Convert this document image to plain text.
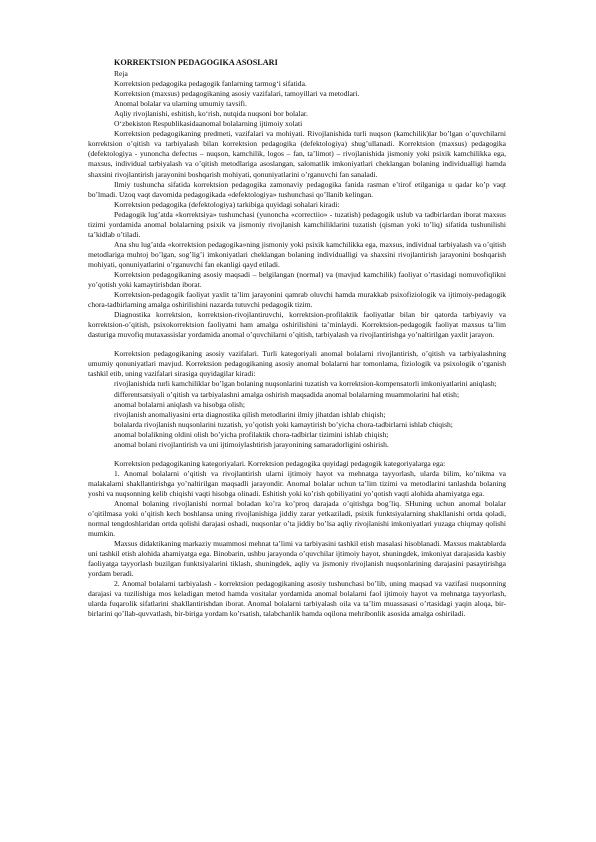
KORREKTSION PEDAGOGIKA ASOSLARI
Reja
Korrektsion pedagogika pedagogik fanlarning tarmog‘i sifatida.
Korrektsion (maxsus) pedagogikaning asosiy vazifalari, tamoyillari va metodlari.
Anomal bolalar va ularning umumiy tavsifi.
Aqliy rivojlanishi, eshitish, ko‘rish, nutqida nuqsoni bor bolalar.
O‘zbekiston Respublikasidaanomal bolalarning ijtimoiy xolati

Korrektsion pedagogikaning predmeti, vazifalari va mohiyati. Rivojlanishida turli nuqson (kamchilik)lar bo’lgan o’quvchilarni korrektsion o’qitish va tarbiyalash bilan korrektsion pedagogika (defektologiya) shug’ullanadi. Korrektsion (maxsus) pedagogika (defektologiya - yunoncha defectus – nuqson, kamchilik, logos – fan, ta’limot) – rivojlanishida jismoniy yoki psixik kamchilikka ega, maxsus, individual tarbiyalash va o’qitish metodlariga asoslangan, salomatlik imkoniyatlari cheklangan bolaning individualligi hamda shaxsini rivojlantirish jarayonini boshqarish mohiyati, qonuniyatlarini o’rganuvchi fan sanaladi.

Ilmiy tushuncha sifatida korrektsion pedagogika zamonaviy pedagogika fanida rasman e’tirof etilganiga u qadar ko’p vaqt bo’lmadi. Uzoq vaqt davomida pedagogikada «defektologiya» tushunchasi qo’llanib kelingan.

Korrektsion pedagogika (defektologiya) tarkibiga quyidagi sohalari kiradi:

Pedagogik lug’atda «korrektsiya» tushunchasi (yunoncha «correctiio» - tuzatish) pedagogik uslub va tadbirlardan iborat maxsus tizimi yordamida anomal bolalarning psixik va jismoniy rivojlanish kamchiliklarini tuzatish (qisman yoki to’liq) sifatida tushunilishi ta’kidlab o’tiladi.

Ana shu lug’atda «korrektsion pedagogika»ning jismoniy yoki psixik kamchilikka ega, maxsus, individual tarbiyalash va o’qitish metodlariga muhtoj bo’lgan, sog’lig’i imkoniyatlari cheklangan bolaning individualligi va shaxsini rivojlantirish jarayonini boshqarish mohiyati, qonuniyatlarini o’rganuvchi fan ekanligi qayd etiladi.

Korrektsion pedagogikaning asosiy maqsadi – belgilangan (normal) va (mavjud kamchilik) faoliyat o’rtasidagi nomuvofiqlikni yo’qotish yoki kamaytirishdan iborat.

Korrektsion-pedagogik faoliyat yaxlit ta’lim jarayonini qamrab oluvchi hamda murakkab psixofiziologik va ijtimoiy-pedagogik chora-tadbirlarning amalga oshirilishini nazarda tutuvchi pedagogik tizim.

Diagnostika korrektsion, korrektsion-rivojlantiruvchi, korrektsion-profilaktik faoliyatlar bilan bir qatorda tarbiyaviy va korrektsion-o’qitish, psixokorrektsion faoliyatni ham amalga oshirilishini ta’minlaydi. Korrektsion-pedagogik faoliyat maxsus ta’lim dasturiga muvofiq mutaxassislar yordamida anomal o’quvchilarni o’qitish, tarbiyalash va rivojlantirishga yo’naltirilgan yaxlit jarayon.

Korrektsion pedagogikaning asosiy vazifalari. Turli kategoriyali anomal bolalarni rivojlantirish, o’qitish va tarbiyalashning umumiy qonuniyatlari mavjud. Korrektsion pedagogikaning asosiy anomal bolalarni har tomonlama, fiziologik va psixologik o’rganish tashkil etib, uning vazifalari sirasiga quyidagilar kiradi:

rivojlanishida turli kamchiliklar bo’lgan bolaning nuqsonlarini tuzatish va korrektsion-kompensatorli imkoniyatlarini aniqlash;

differentsatsiyali o’qitish va tarbiyalashni amalga oshirish maqsadida anomal bolalarning muammolarini hal etish;

anomal bolalarni aniqlash va hisobga olish;

rivojlanish anomaliyasini erta diagnostika qilish metodlarini ilmiy jihatdan ishlab chiqish;

bolalarda rivojlanish nuqsonlarini tuzatish, yo’qotish yoki kamaytirish bo’yicha chora-tadbirlarni ishlab chiqish;

anomal bolalikning oldini olish bo’yicha profilaktik chora-tadbirlar tizimini ishlab chiqish;

anomal bolani rivojlantirish va uni ijtimoiylashtirish jarayonining samaradorligini oshirish.

Korrektsion pedagogikaning kategoriyalari. Korrektsion pedagogika quyidagi pedagogik kategoriyalarga ega:

1. Anomal bolalarni o’qitish va rivojlantirish ularni ijtimoiy hayot va mehnatga tayyorlash, ularda bilim, ko’nikma va malakalarni shakllantirishga yo’naltirilgan maqsadli jarayondir. Anomal bolalar uchun ta’lim tizimi va metodlarini tanlashda bolaning yoshi va nuqsonning kelib chiqishi vaqti hisobga olinadi. Eshitish yoki ko’rish qobiliyatini yo’qotish vaqti alohida ahamiyatga ega.

Anomal bolaning rivojlanishi normal boladan ko’ra ko’proq darajada o’qitishga bog’liq. SHuning uchun anomal bolalar o’qitilmasa yoki o’qitish kech boshlansa uning rivojlanishiga jiddiy zarar yetkaziladi, psixik funktsiyalarning shakllanishi ortda qoladi, normal tengdoshlaridan ortda qolishi darajasi oshadi, nuqsonlar o’ta jiddiy bo’lsa aqliy rivojlanishi imkoniyatlari yuzaga chiqmay qolishi mumkin.

Maxsus didaktikaning markaziy muammosi mehnat ta’limi va tarbiyasini tashkil etish masalasi hisoblanadi. Maxsus maktablarda uni tashkil etish alohida ahamiyatga ega. Binobarin, ushbu jarayonda o’quvchilar ijtimoiy hayot, shuningdek, imkoniyat darajasida kasbiy faoliyatga tayyorlash buzilgan funktsiyalarini tiklash, shuningdek, aqliy va jismoniy rivojlanish nuqsonlarining darajasini pasaytirishga yordam beradi.

2. Anomal bolalarni tarbiyalash - korrektsion pedagogikaning asosiy tushunchasi bo’lib, uning maqsad va vazifasi nuqsonning darajasi va tuzilishiga mos keladigan metod hamda vositalar yordamida anomal bolalarni faol ijtimoiy hayot va mehnatga tayyorlash, ularda fuqarolik sifatlarini shakllantirishdan iborat. Anomal bolalarni tarbiyalash oila va ta’lim muassasasi o’rtasidagi yaqin aloqa, bir-birlarini qo’llab-quvvatlash, bir-biriga yordam ko’rsatish, talabchanlik hamda oqilona mehribonlik asosida amalga oshiriladi.
